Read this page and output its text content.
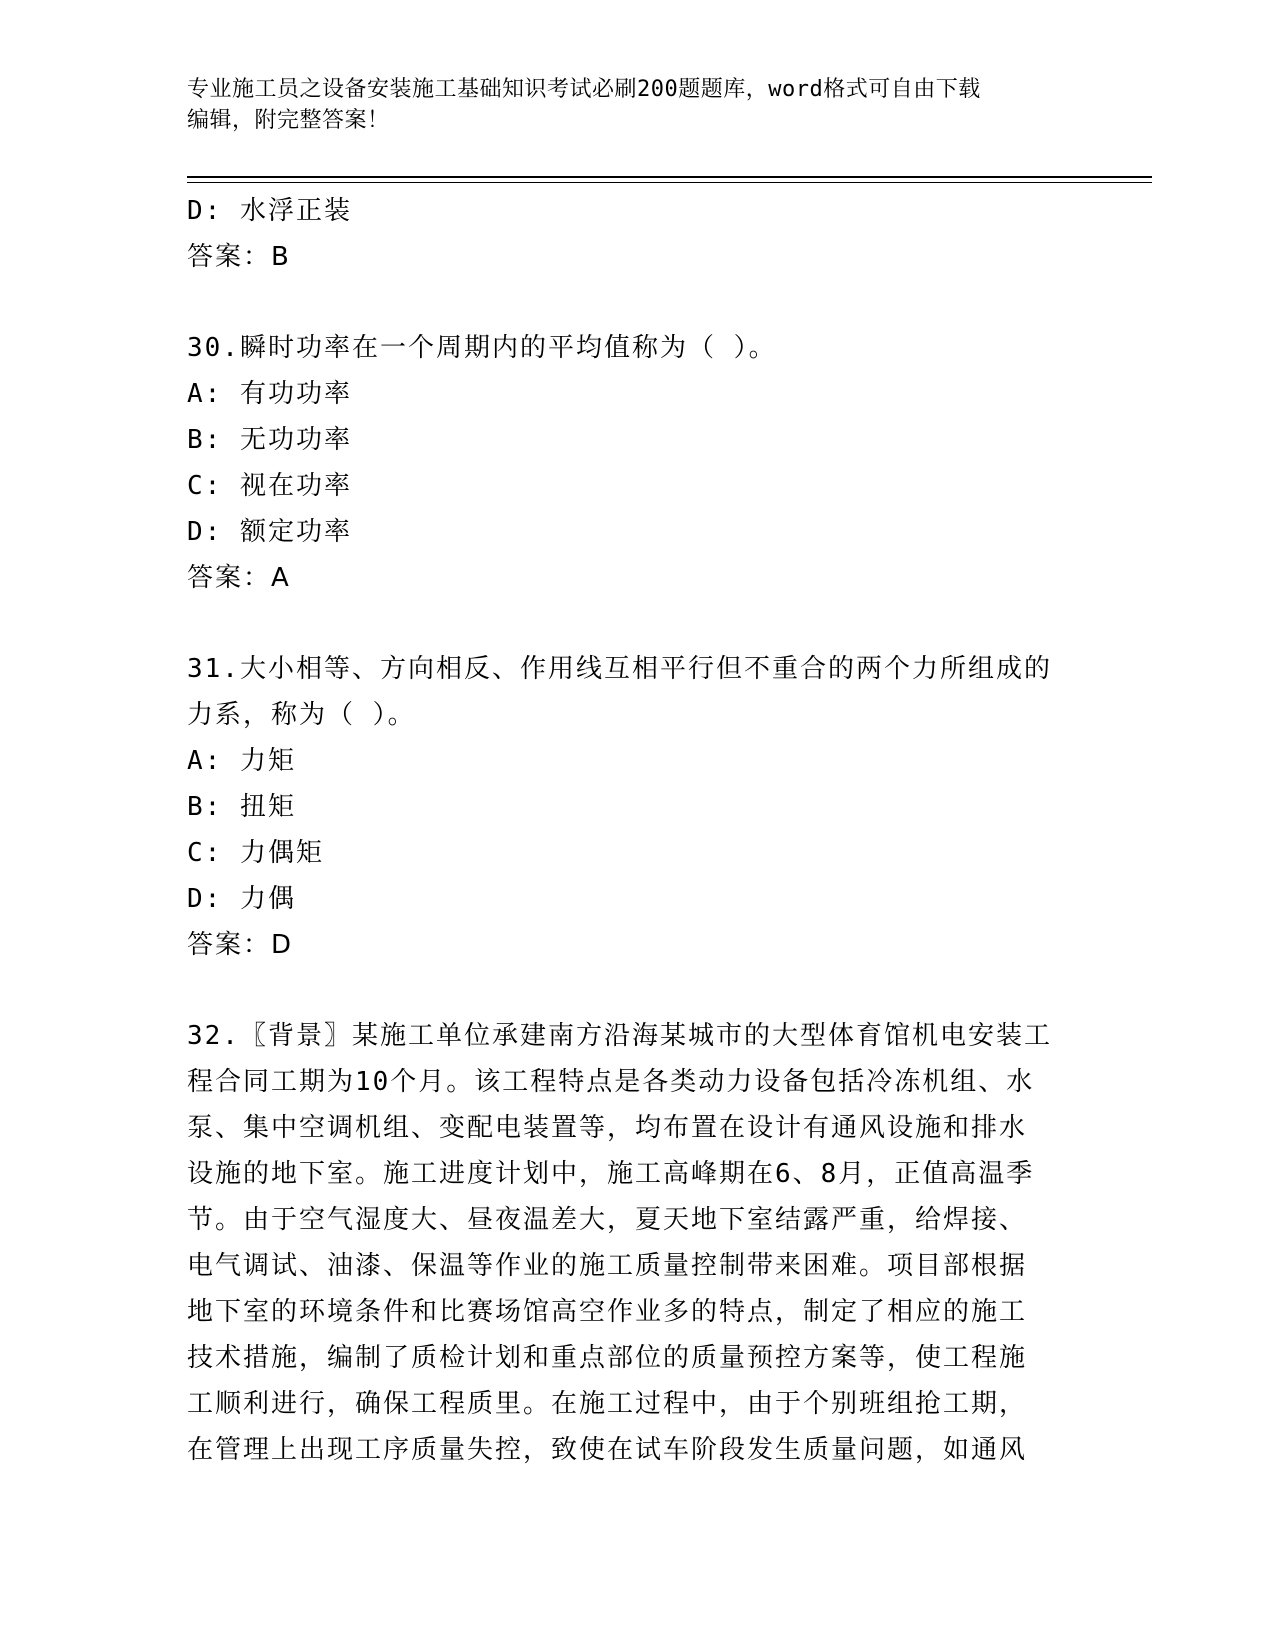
专业施工员之设备安装施工基础知识考试必刷200题题库，word格式可自由下载
编辑，附完整答案！
D: 水浮正装
答案：B
30.瞬时功率在一个周期内的平均值称为（ ）。
A: 有功功率
B: 无功功率
C: 视在功率
D: 额定功率
答案：A
31.大小相等、方向相反、作用线互相平行但不重合的两个力所组成的
力系，称为（ ）。
A: 力矩
B: 扭矩
C: 力偶矩
D: 力偶
答案：D
32.〖背景〗某施工单位承建南方沿海某城市的大型体育馆机电安装工
程合同工期为10个月。该工程特点是各类动力设备包括冷冻机组、水
泵、集中空调机组、变配电装置等，均布置在设计有通风设施和排水
设施的地下室。施工进度计划中，施工高峰期在6、8月，正值高温季
节。由于空气湿度大、昼夜温差大，夏天地下室结露严重，给焊接、
电气调试、油漆、保温等作业的施工质量控制带来困难。项目部根据
地下室的环境条件和比赛场馆高空作业多的特点，制定了相应的施工
技术措施，编制了质检计划和重点部位的质量预控方案等，使工程施
工顺利进行，确保工程质里。在施工过程中，由于个别班组抢工期，
在管理上出现工序质量失控，致使在试车阶段发生质量问题，如通风
